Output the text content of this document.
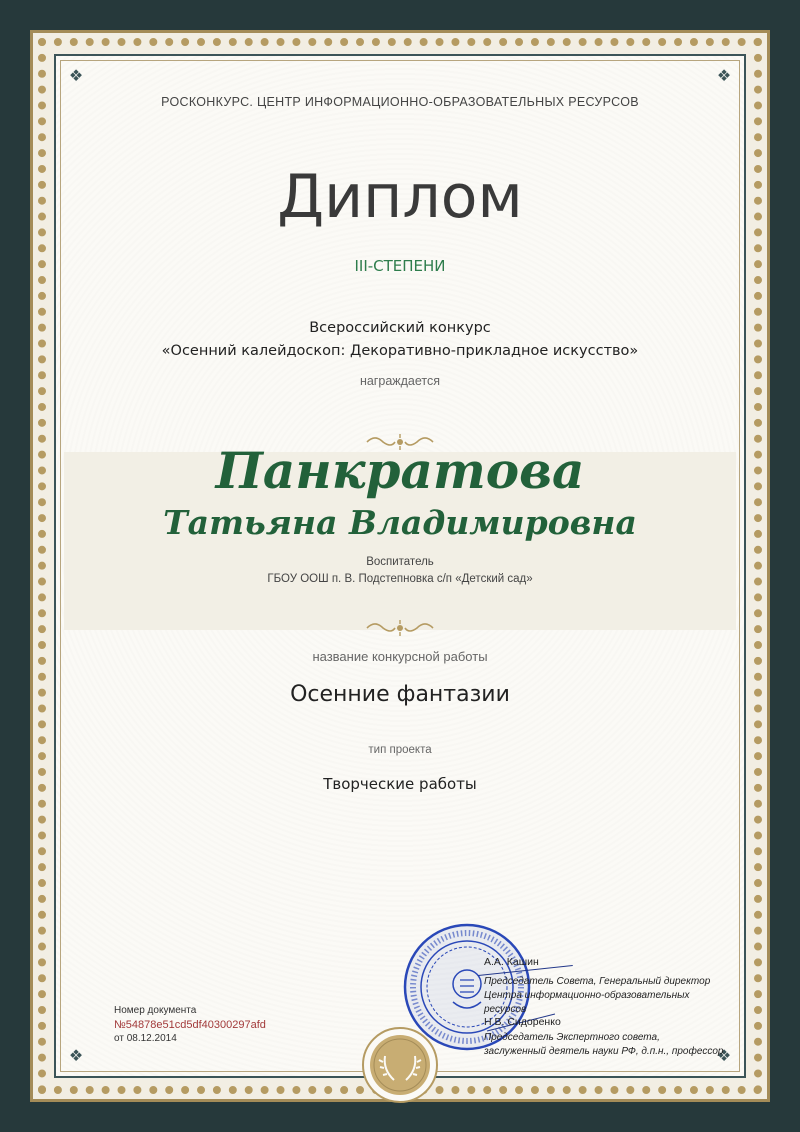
❖	❖
❖	❖
РОСКОНКУРС. ЦЕНТР ИНФОРМАЦИОННО-ОБРАЗОВАТЕЛЬНЫХ РЕСУРСОВ
Диплом
III-СТЕПЕНИ
Всероссийский конкурс
«Осенний калейдоскоп: Декоративно-прикладное искусство»
награждается
Панкратова
Татьяна Владимировна
Воспитатель
ГБОУ ООШ п. В. Подстепновка с/п «Детский сад»
название конкурсной работы
Осенние фантазии
тип проекта
Творческие работы
Номер документа
№54878e51cd5df40300297afd
от 08.12.2014
А.А. Кашин
Председатель Совета, Генеральный директор
Центра информационно-образовательных
ресурсов
Н.В. Сидоренко
Председатель Экспертного совета,
заслуженный деятель науки РФ, д.п.н., профессор
